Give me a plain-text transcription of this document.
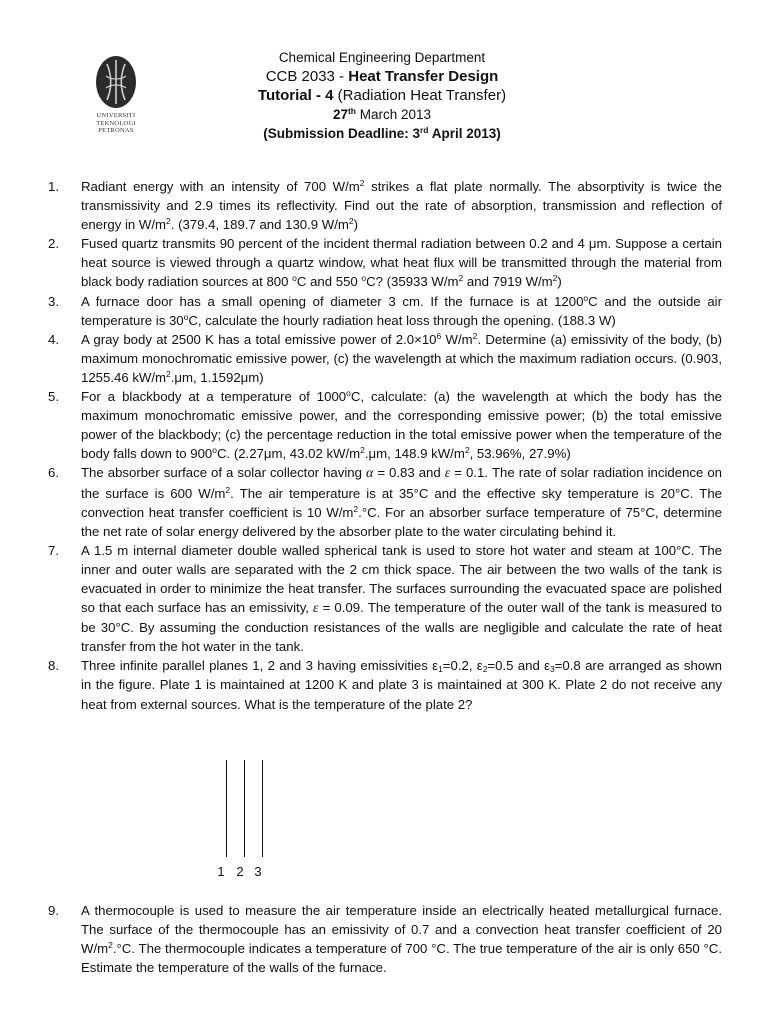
UNIVERSITI
TEKNOLOGI
PETRONAS
Chemical Engineering Department
CCB 2033 - Heat Transfer Design
Tutorial - 4 (Radiation Heat Transfer)
27th March 2013
(Submission Deadline: 3rd April 2013)
1.	Radiant energy with an intensity of 700 $W/m^2$ strikes a flat plate normally. The absorptivity is twice the transmissivity and 2.9 times its reflectivity. Find out the rate of absorption, transmission and reflection of energy in $W/m^2$. (379.4, 189.7 and 130.9 $W/m^2$)
2.	Fused quartz transmits 90 percent of the incident thermal radiation between 0.2 and 4 μm. Suppose a certain heat source is viewed through a quartz window, what heat flux will be transmitted through the material from black body radiation sources at 800 $^o$C and 550 $^o$C? (35933 $W/m^2$ and 7919 $W/m^2$)
3.	A furnace door has a small opening of diameter 3 cm. If the furnace is at 1200$^o$C and the outside air temperature is 30$^o$C, calculate the hourly radiation heat loss through the opening. (188.3 W)
4.	A gray body at 2500 K has a total emissive power of $2.0\times 10^6$ $W/m^2$. Determine (a) emissivity of the body, (b) maximum monochromatic emissive power, (c) the wavelength at which the maximum radiation occurs. (0.903, 1255.46 $kW/m^2.\mu m$, 1.1592μm)
5.	For a blackbody at a temperature of 1000$^o$C, calculate: (a) the wavelength at which the body has the maximum monochromatic emissive power, and the corresponding emissive power; (b) the total emissive power of the blackbody; (c) the percentage reduction in the total emissive power when the temperature of the body falls down to 900$^o$C. (2.27μm, 43.02 $kW/m^2.\mu m$, 148.9 $kW/m^2$, 53.96%, 27.9%)
6.	The absorber surface of a solar collector having α = 0.83 and ε = 0.1. The rate of solar radiation incidence on the surface is 600 $W/m^2$. The air temperature is at 35°C and the effective sky temperature is 20°C. The convection heat transfer coefficient is 10 $W/m^2.^\circ C$. For an absorber surface temperature of 75°C, determine the net rate of solar energy delivered by the absorber plate to the water circulating behind it.
7.	A 1.5 m internal diameter double walled spherical tank is used to store hot water and steam at 100°C. The inner and outer walls are separated with the 2 cm thick space. The air between the two walls of the tank is evacuated in order to minimize the heat transfer. The surfaces surrounding the evacuated space are polished so that each surface has an emissivity, ε = 0.09. The temperature of the outer wall of the tank is measured to be 30°C. By assuming the conduction resistances of the walls are negligible and calculate the rate of heat transfer from the hot water in the tank.
8.	Three infinite parallel planes 1, 2 and 3 having emissivities $\varepsilon_1=0.2$, $\varepsilon_2=0.5$ and $\varepsilon_3=0.8$ are arranged as shown in the figure. Plate 1 is maintained at 1200 K and plate 3 is maintained at 300 K. Plate 2 do not receive any heat from external sources. What is the temperature of the plate 2?
1 2 3
9.	A thermocouple is used to measure the air temperature inside an electrically heated metallurgical furnace. The surface of the thermocouple has an emissivity of 0.7 and a convection heat transfer coefficient of 20 $W/m^2.^\circ C$. The thermocouple indicates a temperature of 700 °C. The true temperature of the air is only 650 °C. Estimate the temperature of the walls of the furnace.
